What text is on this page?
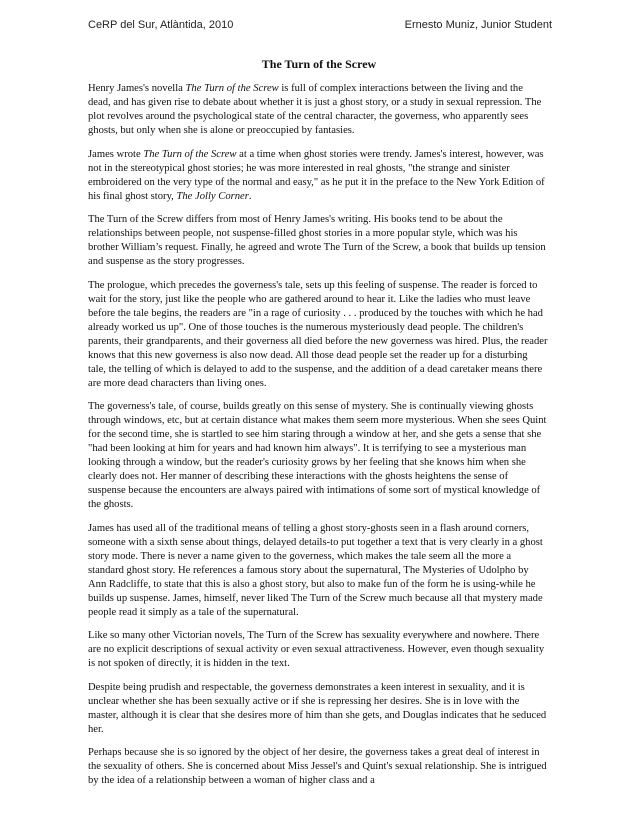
CeRP del Sur, Atlàntida, 2010	Ernesto Muniz, Junior Student
The Turn of the Screw

Henry James's novella The Turn of the Screw is full of complex interactions between the living and the dead, and has given rise to debate about whether it is just a ghost story, or a study in sexual repression. The plot revolves around the psychological state of the central character, the governess, who apparently sees ghosts, but only when she is alone or preoccupied by fantasies.

James wrote The Turn of the Screw at a time when ghost stories were trendy. James's interest, however, was not in the stereotypical ghost stories; he was more interested in real ghosts, "the strange and sinister embroidered on the very type of the normal and easy," as he put it in the preface to the New York Edition of his final ghost story, The Jolly Corner.

The Turn of the Screw differs from most of Henry James's writing. His books tend to be about the relationships between people, not suspense-filled ghost stories in a more popular style, which was his brother William’s request. Finally, he agreed and wrote The Turn of the Screw, a book that builds up tension and suspense as the story progresses.

The prologue, which precedes the governess's tale, sets up this feeling of suspense. The reader is forced to wait for the story, just like the people who are gathered around to hear it. Like the ladies who must leave before the tale begins, the readers are "in a rage of curiosity . . . produced by the touches with which he had already worked us up". One of those touches is the numerous mysteriously dead people. The children's parents, their grandparents, and their governess all died before the new governess was hired. Plus, the reader knows that this new governess is also now dead. All those dead people set the reader up for a disturbing tale, the telling of which is delayed to add to the suspense, and the addition of a dead caretaker means there are more dead characters than living ones.

The governess's tale, of course, builds greatly on this sense of mystery. She is continually viewing ghosts through windows, etc, but at certain distance what makes them seem more mysterious. When she sees Quint for the second time, she is startled to see him staring through a window at her, and she gets a sense that she "had been looking at him for years and had known him always". It is terrifying to see a mysterious man looking through a window, but the reader's curiosity grows by her feeling that she knows him when she clearly does not. Her manner of describing these interactions with the ghosts heightens the sense of suspense because the encounters are always paired with intimations of some sort of mystical knowledge of the ghosts.

James has used all of the traditional means of telling a ghost story-ghosts seen in a flash around corners, someone with a sixth sense about things, delayed details-to put together a text that is very clearly in a ghost story mode. There is never a name given to the governess, which makes the tale seem all the more a standard ghost story. He references a famous story about the supernatural, The Mysteries of Udolpho by Ann Radcliffe, to state that this is also a ghost story, but also to make fun of the form he is using-while he builds up suspense. James, himself, never liked The Turn of the Screw much because all that mystery made people read it simply as a tale of the supernatural.

Like so many other Victorian novels, The Turn of the Screw has sexuality everywhere and nowhere. There are no explicit descriptions of sexual activity or even sexual attractiveness. However, even though sexuality is not spoken of directly, it is hidden in the text.

Despite being prudish and respectable, the governess demonstrates a keen interest in sexuality, and it is unclear whether she has been sexually active or if she is repressing her desires. She is in love with the master, although it is clear that she desires more of him than she gets, and Douglas indicates that he seduced her.

Perhaps because she is so ignored by the object of her desire, the governess takes a great deal of interest in the sexuality of others. She is concerned about Miss Jessel's and Quint's sexual relationship. She is intrigued by the idea of a relationship between a woman of higher class and a
